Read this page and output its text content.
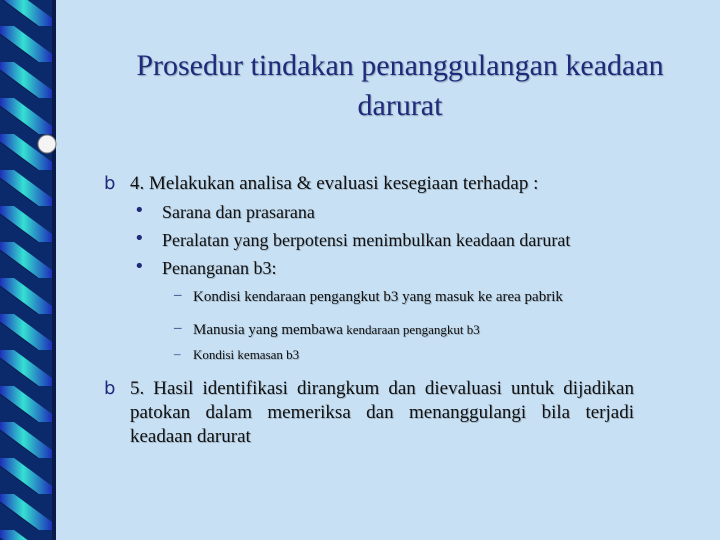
Prosedur tindakan penanggulangan keadaan
darurat
b 4. Melakukan analisa & evaluasi kesegiaan terhadap :
• Sarana dan prasarana
• Peralatan yang berpotensi menimbulkan keadaan darurat
• Penanganan b3:
– Kondisi kendaraan pengangkut b3 yang masuk ke area pabrik
– Manusia yang membawa kendaraan pengangkut b3
– Kondisi kemasan b3
b 5. Hasil identifikasi dirangkum dan dievaluasi untuk dijadikan patokan dalam memeriksa dan menanggulangi bila terjadi keadaan darurat
